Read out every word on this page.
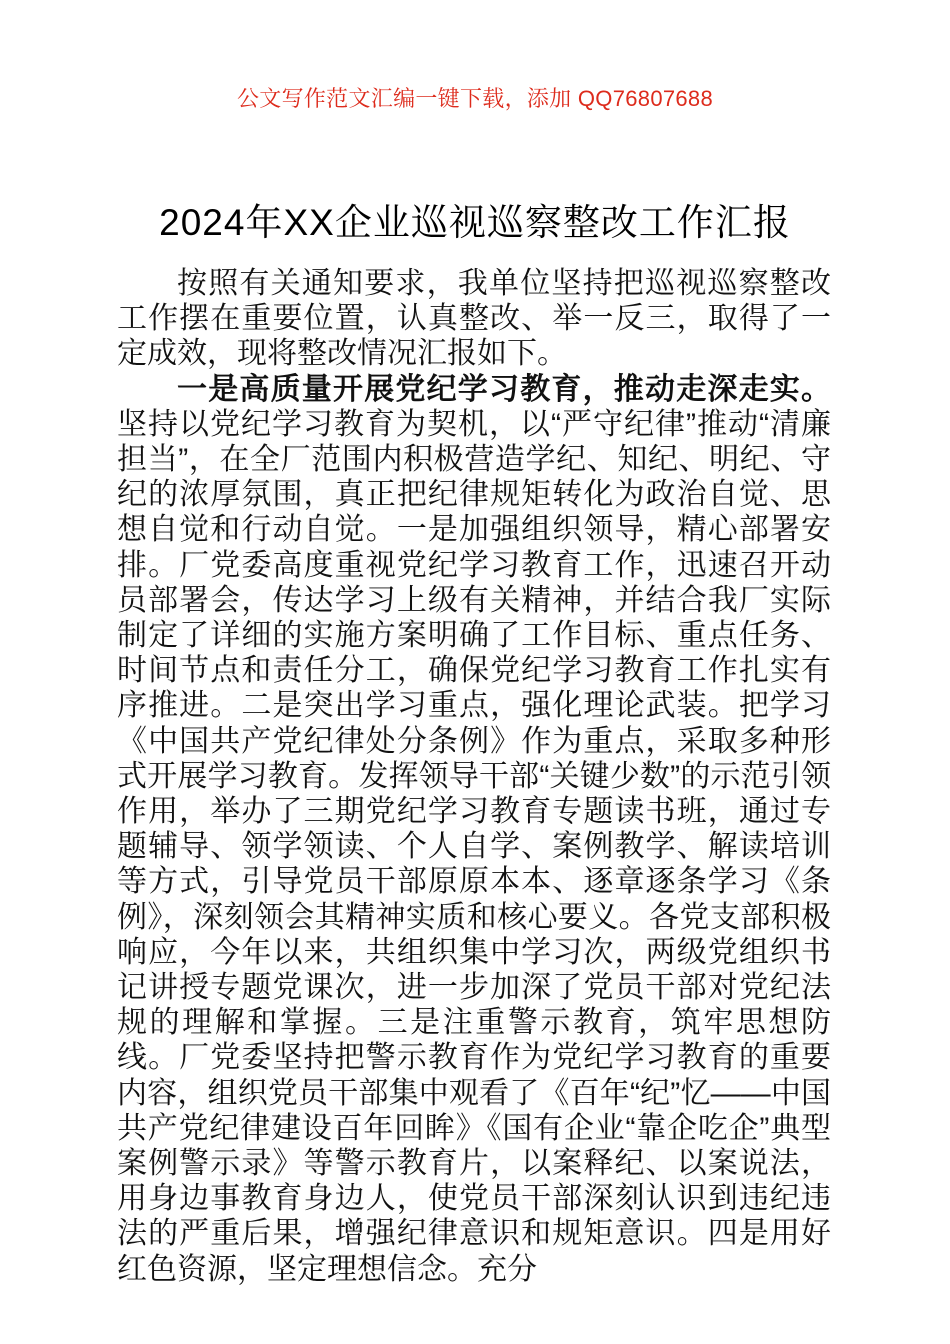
公文写作范文汇编一键下载，添加 QQ76807688
2024年XX企业巡视巡察整改工作汇报

按照有关通知要求，我单位坚持把巡视巡察整改工作摆在重要位置，认真整改、举一反三，取得了一定成效，现将整改情况汇报如下。

一是高质量开展党纪学习教育，推动走深走实。坚持以党纪学习教育为契机，以“严守纪律”推动“清廉担当”，在全厂范围内积极营造学纪、知纪、明纪、守纪的浓厚氛围，真正把纪律规矩转化为政治自觉、思想自觉和行动自觉。一是加强组织领导，精心部署安排。厂党委高度重视党纪学习教育工作，迅速召开动员部署会，传达学习上级有关精神，并结合我厂实际制定了详细的实施方案明确了工作目标、重点任务、时间节点和责任分工，确保党纪学习教育工作扎实有序推进。二是突出学习重点，强化理论武装。把学习《中国共产党纪律处分条例》作为重点，采取多种形式开展学习教育。发挥领导干部“关键少数”的示范引领作用，举办了三期党纪学习教育专题读书班，通过专题辅导、领学领读、个人自学、案例教学、解读培训等方式，引导党员干部原原本本、逐章逐条学习《条例》，深刻领会其精神实质和核心要义。各党支部积极响应，今年以来，共组织集中学习次，两级党组织书记讲授专题党课次，进一步加深了党员干部对党纪法规的理解和掌握。三是注重警示教育，筑牢思想防线。厂党委坚持把警示教育作为党纪学习教育的重要内容，组织党员干部集中观看了《百年“纪”忆——中国共产党纪律建设百年回眸》《国有企业“靠企吃企”典型案例警示录》等警示教育片，以案释纪、以案说法，用身边事教育身边人，使党员干部深刻认识到违纪违法的严重后果，增强纪律意识和规矩意识。四是用好红色资源，坚定理想信念。充分
